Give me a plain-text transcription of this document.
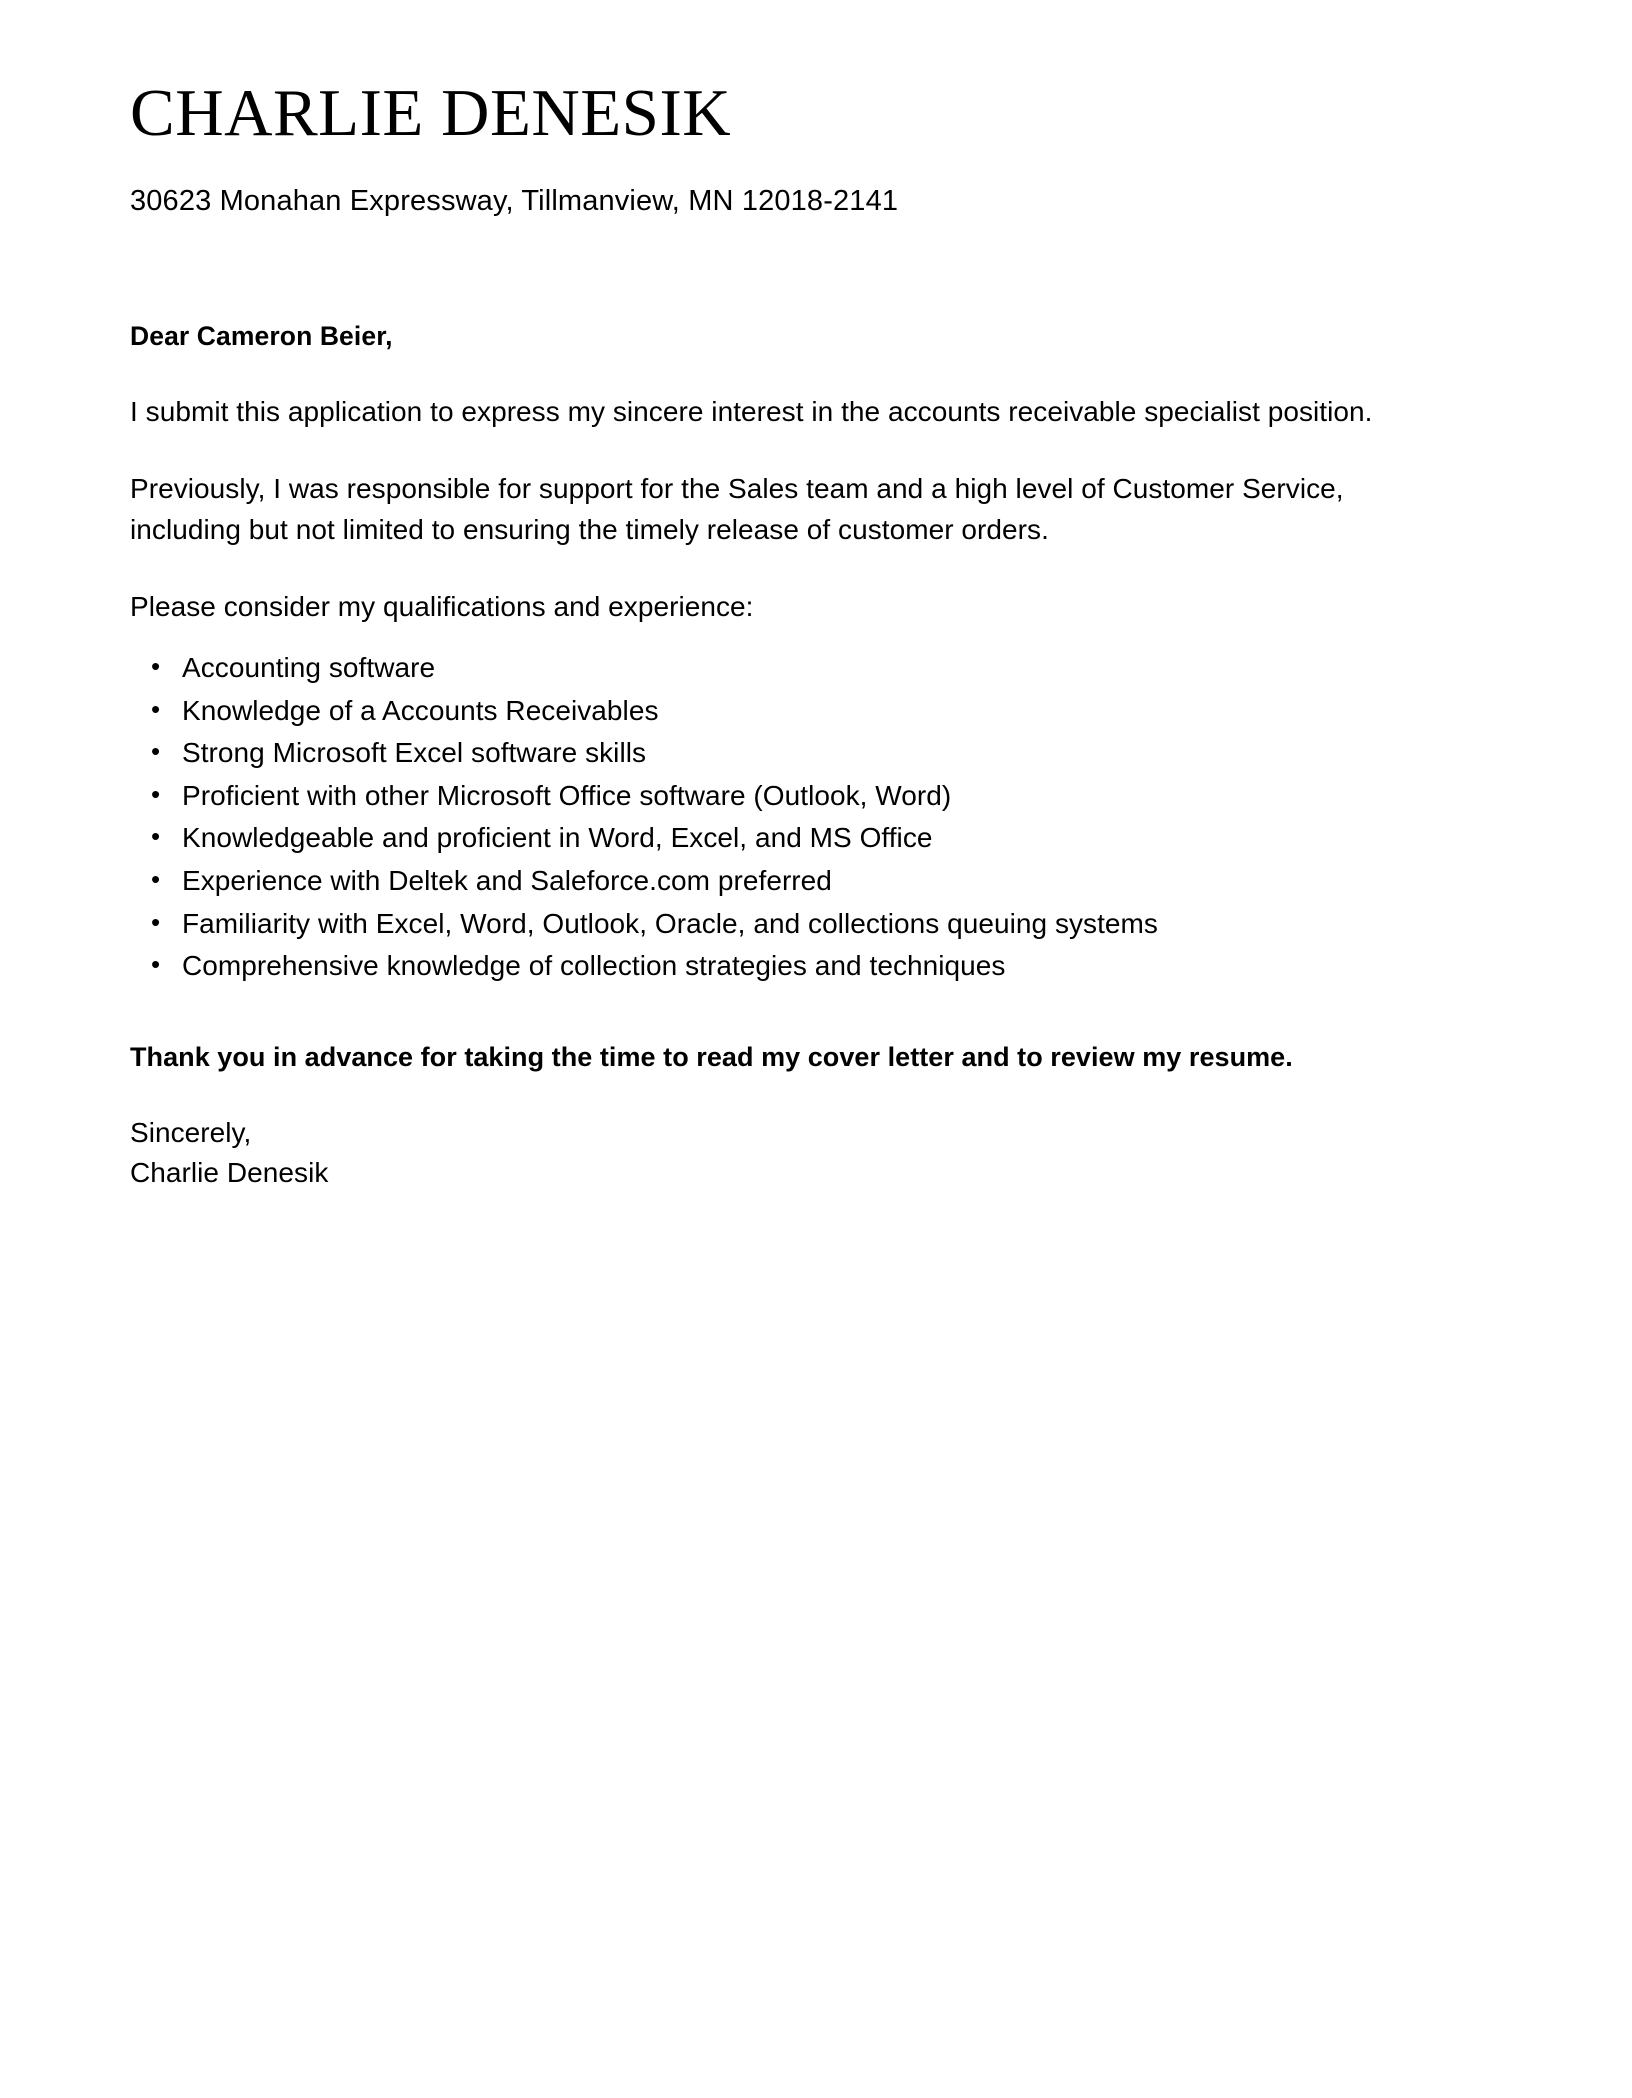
CHARLIE DENESIK

30623 Monahan Expressway, Tillmanview, MN 12018-2141

Dear Cameron Beier,

I submit this application to express my sincere interest in the accounts receivable specialist position.

Previously, I was responsible for support for the Sales team and a high level of Customer Service, including but not limited to ensuring the timely release of customer orders.

Please consider my qualifications and experience:

• Accounting software
• Knowledge of a Accounts Receivables
• Strong Microsoft Excel software skills
• Proficient with other Microsoft Office software (Outlook, Word)
• Knowledgeable and proficient in Word, Excel, and MS Office
• Experience with Deltek and Saleforce.com preferred
• Familiarity with Excel, Word, Outlook, Oracle, and collections queuing systems
• Comprehensive knowledge of collection strategies and techniques

Thank you in advance for taking the time to read my cover letter and to review my resume.

Sincerely,
Charlie Denesik
